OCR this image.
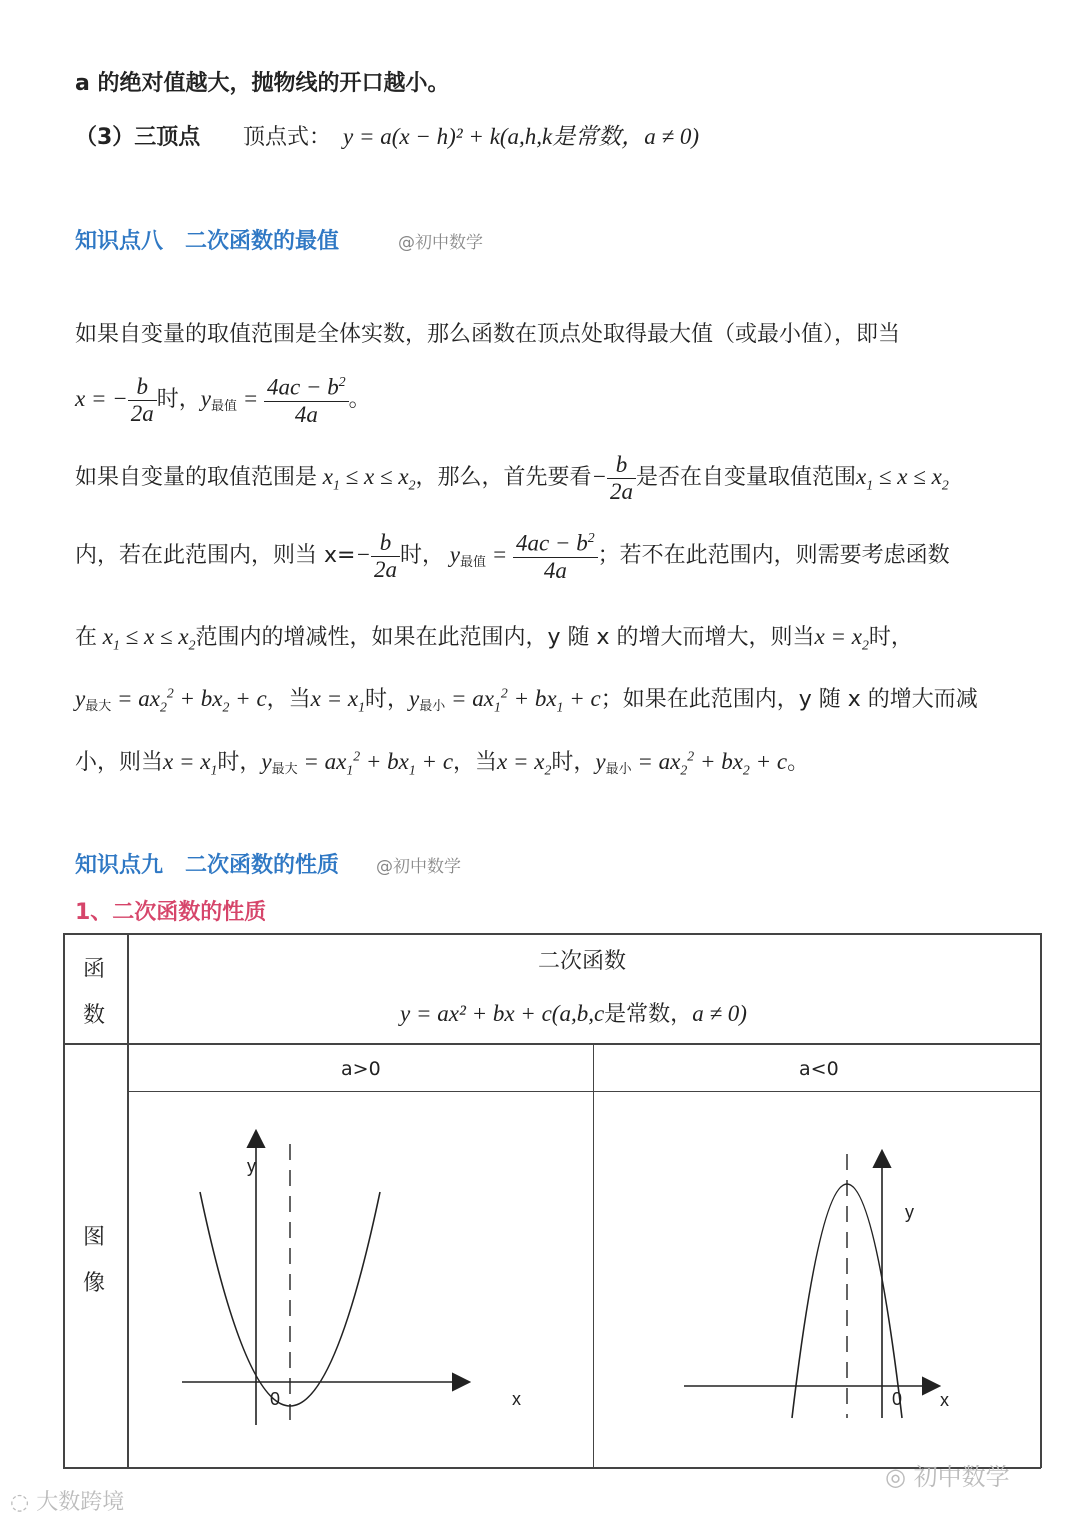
a 的绝对值越大，抛物线的开口越小。
（3）三顶点 顶点式： y = a(x − h)² + k(a,h,k是常数，a ≠ 0)
知识点八　二次函数的最值	@初中数学
如果自变量的取值范围是全体实数，那么函数在顶点处取得最大值（或最小值），即当
x = − $\frac{b}{2a}$ 时，y最值 = $\frac{4ac - b^2}{4a}$ 。
如果自变量的取值范围是 $x_1 \le x \le x_2$，那么，首先要看− $\frac{b}{2a}$ 是否在自变量取值范围$x_1 \le x \le x_2$
内，若在此范围内，则当 $x=- \frac{b}{2a}$ 时， y最值 = $\frac{4ac - b^2}{4a}$ ；若不在此范围内，则需要考虑函数
在 $x_1 \le x \le x_2$范围内的增减性，如果在此范围内，y 随 x 的增大而增大，则当$x = x_2$时，
y最大 = $ax_2^2 + bx_2 + c$，当$x = x_1$时，y最小 = $ax_1^2 + bx_1 + c$；如果在此范围内，y 随 x 的增大而减
小，则当$x = x_1$时，y最大 = $ax_1^2 + bx_1 + c$，当$x = x_2$时，y最小 = $ax_2^2 + bx_2 + c$。
知识点九　二次函数的性质 @初中数学
1、二次函数的性质
函
数
二次函数
y = ax² + bx + c(a,b,c是常数，a ≠ 0)
a>0	a<0
图
像
y
x
0
y
x
0
◌ 大数跨境
◎ 初中数学
